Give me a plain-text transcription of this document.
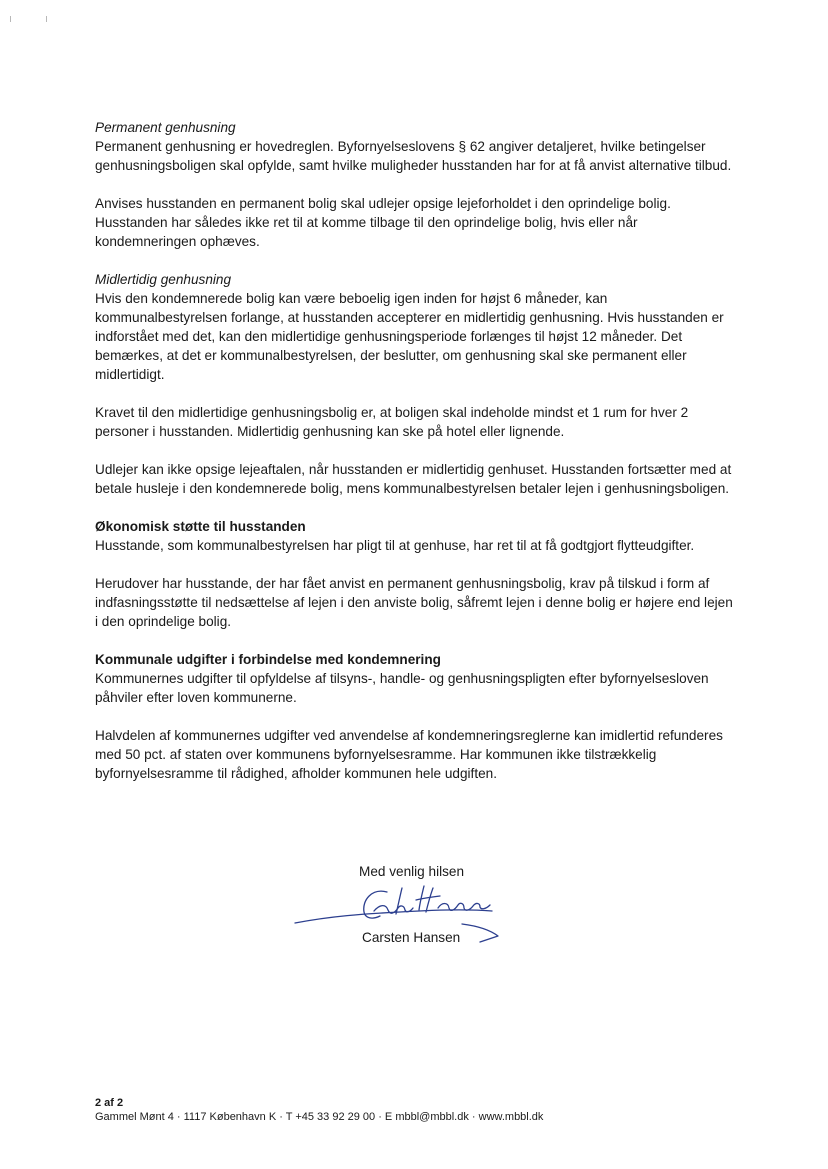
Permanent genhusning

Permanent genhusning er hovedreglen. Byfornyelseslovens § 62 angiver detaljeret, hvilke betingelser genhusningsboligen skal opfylde, samt hvilke muligheder husstanden har for at få anvist alternative tilbud.

Anvises husstanden en permanent bolig skal udlejer opsige lejeforholdet i den oprindelige bolig. Husstanden har således ikke ret til at komme tilbage til den oprindelige bolig, hvis eller når kondemneringen ophæves.

Midlertidig genhusning

Hvis den kondemnerede bolig kan være beboelig igen inden for højst 6 måneder, kan kommunalbestyrelsen forlange, at husstanden accepterer en midlertidig genhusning. Hvis husstanden er indforstået med det, kan den midlertidige genhusningsperiode forlænges til højst 12 måneder. Det bemærkes, at det er kommunalbestyrelsen, der beslutter, om genhusning skal ske permanent eller midlertidigt.

Kravet til den midlertidige genhusningsbolig er, at boligen skal indeholde mindst et 1 rum for hver 2 personer i husstanden. Midlertidig genhusning kan ske på hotel eller lignende.

Udlejer kan ikke opsige lejeaftalen, når husstanden er midlertidig genhuset. Husstanden fortsætter med at betale husleje i den kondemnerede bolig, mens kommunalbestyrelsen betaler lejen i genhusningsboligen.

Økonomisk støtte til husstanden

Husstande, som kommunalbestyrelsen har pligt til at genhuse, har ret til at få godtgjort flytteudgifter.

Herudover har husstande, der har fået anvist en permanent genhusningsbolig, krav på tilskud i form af indfasningsstøtte til nedsættelse af lejen i den anviste bolig, såfremt lejen i denne bolig er højere end lejen i den oprindelige bolig.

Kommunale udgifter i forbindelse med kondemnering

Kommunernes udgifter til opfyldelse af tilsyns-, handle- og genhusningspligten efter byfornyelsesloven påhviler efter loven kommunerne.

Halvdelen af kommunernes udgifter ved anvendelse af kondemneringsreglerne kan imidlertid refunderes med 50 pct. af staten over kommunens byfornyelsesramme. Har kommunen ikke tilstrækkelig byfornyelsesramme til rådighed, afholder kommunen hele udgiften.

Med venlig hilsen
Carsten Hansen
2 af 2
Gammel Mønt 4 · 1117 København K · T +45 33 92 29 00 · E mbbl@mbbl.dk · www.mbbl.dk
